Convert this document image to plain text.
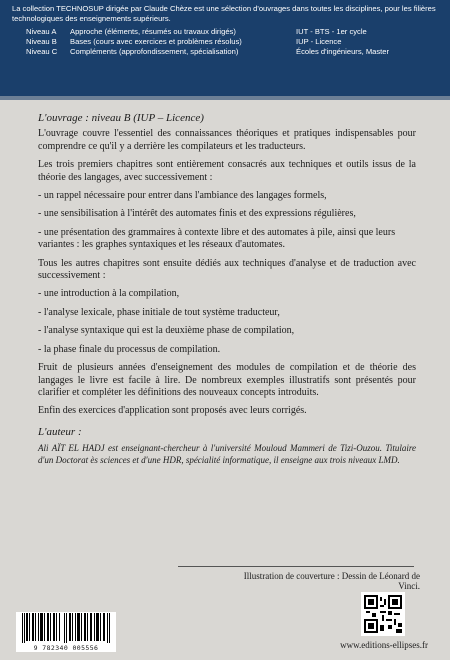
La collection TECHNOSUP dirigée par Claude Chèze est une sélection d'ouvrages dans toutes les disciplines, pour les filières technologiques des enseignements supérieurs.

Niveau A	Approche (éléments, résumés ou travaux dirigés)	IUT - BTS - 1er cycle
Niveau B	Bases (cours avec exercices et problèmes résolus)	IUP - Licence
Niveau C	Compléments (approfondissement, spécialisation)	Écoles d'ingénieurs, Master

L'ouvrage : niveau B (IUP – Licence)

L'ouvrage couvre l'essentiel des connaissances théoriques et pratiques indispensables pour comprendre ce qu'il y a derrière les compilateurs et les traducteurs.

Les trois premiers chapitres sont entièrement consacrés aux techniques et outils issus de la théorie des langages, avec successivement :

- un rappel nécessaire pour entrer dans l'ambiance des langages formels,

- une sensibilisation à l'intérêt des automates finis et des expressions régulières,

- une présentation des grammaires à contexte libre et des automates à pile, ainsi que leurs variantes : les graphes syntaxiques et les réseaux d'automates.

Tous les autres chapitres sont ensuite dédiés aux techniques d'analyse et de traduction avec successivement :

- une introduction à la compilation,

- l'analyse lexicale, phase initiale de tout système traducteur,

- l'analyse syntaxique qui est la deuxième phase de compilation,

- la phase finale du processus de compilation.

Fruit de plusieurs années d'enseignement des modules de compilation et de théorie des langages le livre est facile à lire. De nombreux exemples illustratifs sont présentés pour clarifier et compléter les définitions des nouveaux concepts introduits.

Enfin des exercices d'application sont proposés avec leurs corrigés.

L'auteur :

Ali AÏT EL HADJ est enseignant-chercheur à l'université Mouloud Mammeri de Tizi-Ouzou. Titulaire d'un Doctorat ès sciences et d'une HDR, spécialité informatique, il enseigne aux trois niveaux LMD.

Illustration de couverture : Dessin de Léonard de Vinci.
9 782340 005556	www.editions-ellipses.fr
